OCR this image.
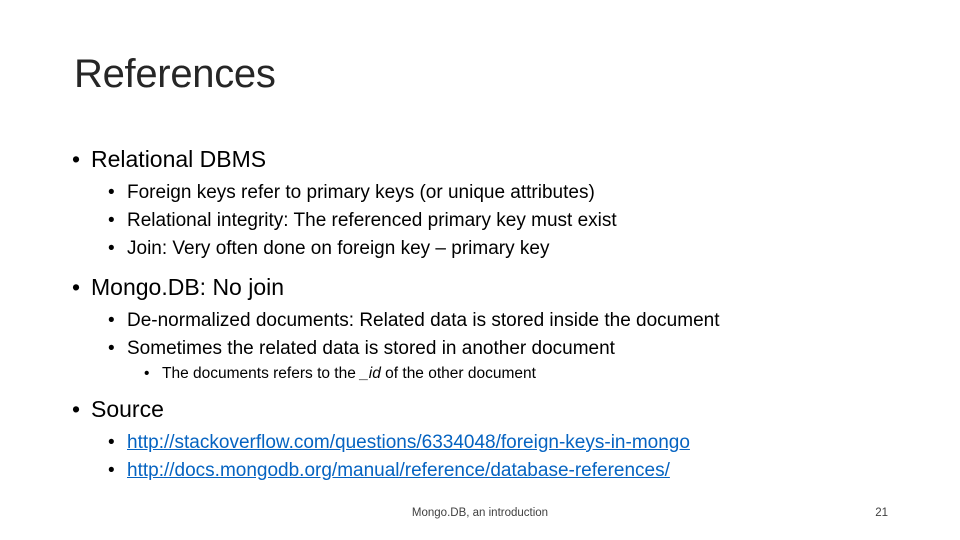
References
• Relational DBMS
• Foreign keys refer to primary keys (or unique attributes)
• Relational integrity: The referenced primary key must exist
• Join: Very often done on foreign key – primary key
• Mongo.DB: No join
• De-normalized documents: Related data is stored inside the document
• Sometimes the related data is stored in another document
• The documents refers to the _id of the other document
• Source
• http://stackoverflow.com/questions/6334048/foreign-keys-in-mongo
• http://docs.mongodb.org/manual/reference/database-references/
Mongo.DB, an introduction	21
